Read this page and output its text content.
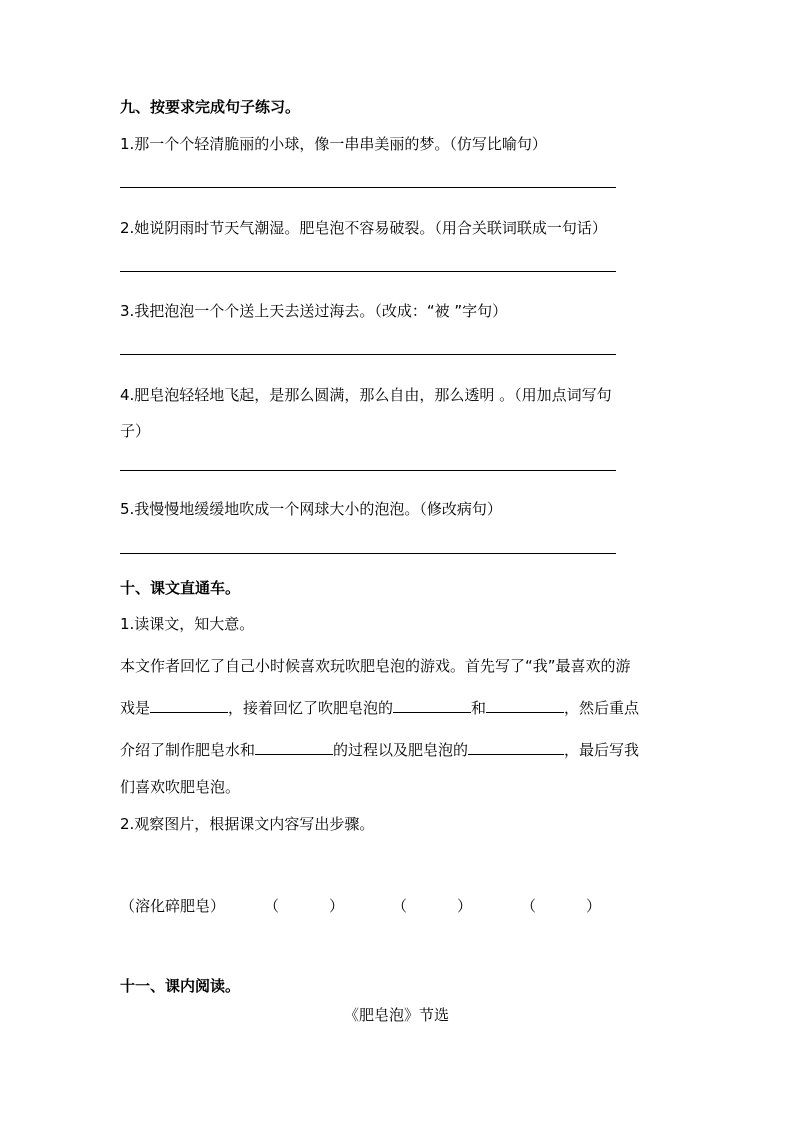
九、按要求完成句子练习。
1.那一个个轻清脆丽的小球，像一串串美丽的梦。（仿写比喻句）
2.她说阴雨时节天气潮湿。肥皂泡不容易破裂。（用合关联词联成一句话）
3.我把泡泡一个个送上天去送过海去。（改成：“被 ”字句）
4.肥皂泡轻轻地飞起，是那么圆满，那么自由，那么透明 。（用加点词写句
子）
5.我慢慢地缓缓地吹成一个网球大小的泡泡。（修改病句）
十、课文直通车。
1.读课文，知大意。
本文作者回忆了自己小时候喜欢玩吹肥皂泡的游戏。首先写了“我”最喜欢的游
戏是	，接着回忆了吹肥皂泡的	和	，然后重点
介绍了制作肥皂水和	的过程以及肥皂泡的	，最后写我
们喜欢吹肥皂泡。
2.观察图片，根据课文内容写出步骤。
（溶化碎肥皂）	（	）	（	）	（	）
十一、课内阅读。
《肥皂泡》节选
